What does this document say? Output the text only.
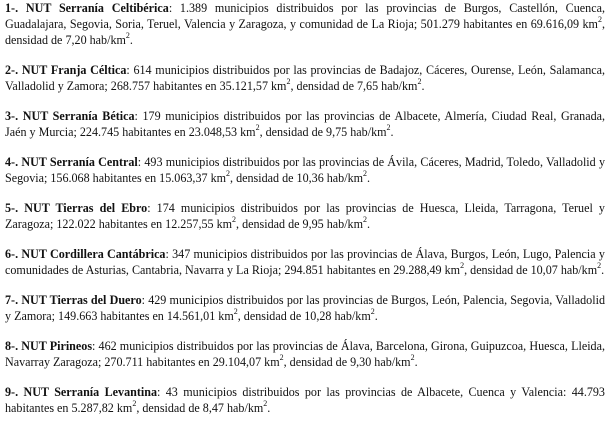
1-. NUT Serranía Celtibérica: 1.389 municipios distribuidos por las provincias de Burgos, Castellón, Cuenca, Guadalajara, Segovia, Soria, Teruel, Valencia y Zaragoza, y comunidad de La Rioja; 501.279 habitantes en 69.616,09 $km^2$, densidad de 7,20 hab/$km^2$.

2-. NUT Franja Céltica: 614 municipios distribuidos por las provincias de Badajoz, Cáceres, Ourense, León, Salamanca, Valladolid y Zamora; 268.757 habitantes en 35.121,57 $km^2$, densidad de 7,65 hab/$km^2$.

3-. NUT Serranía Bética: 179 municipios distribuidos por las provincias de Albacete, Almería, Ciudad Real, Granada, Jaén y Murcia; 224.745 habitantes en 23.048,53 $km^2$, densidad de 9,75 hab/$km^2$.

4-. NUT Serranía Central: 493 municipios distribuidos por las provincias de Ávila, Cáceres, Madrid, Toledo, Valladolid y Segovia; 156.068 habitantes en 15.063,37 $km^2$, densidad de 10,36 hab/$km^2$.

5-. NUT Tierras del Ebro: 174 municipios distribuidos por las provincias de Huesca, Lleida, Tarragona, Teruel y Zaragoza; 122.022 habitantes en 12.257,55 $km^2$, densidad de 9,95 hab/$km^2$.

6-. NUT Cordillera Cantábrica: 347 municipios distribuidos por las provincias de Álava, Burgos, León, Lugo, Palencia y comunidades de Asturias, Cantabria, Navarra y La Rioja; 294.851 habitantes en 29.288,49 $km^2$, densidad de 10,07 hab/$km^2$.

7-. NUT Tierras del Duero: 429 municipios distribuidos por las provincias de Burgos, León, Palencia, Segovia, Valladolid y Zamora; 149.663 habitantes en 14.561,01 $km^2$, densidad de 10,28 hab/$km^2$.

8-. NUT Pirineos: 462 municipios distribuidos por las provincias de Álava, Barcelona, Girona, Guipuzcoa, Huesca, Lleida, Navarray Zaragoza; 270.711 habitantes en 29.104,07 $km^2$, densidad de 9,30 hab/$km^2$.

9-. NUT Serranía Levantina: 43 municipios distribuidos por las provincias de Albacete, Cuenca y Valencia: 44.793 habitantes en 5.287,82 $km^2$, densidad de 8,47 hab/$km^2$.
